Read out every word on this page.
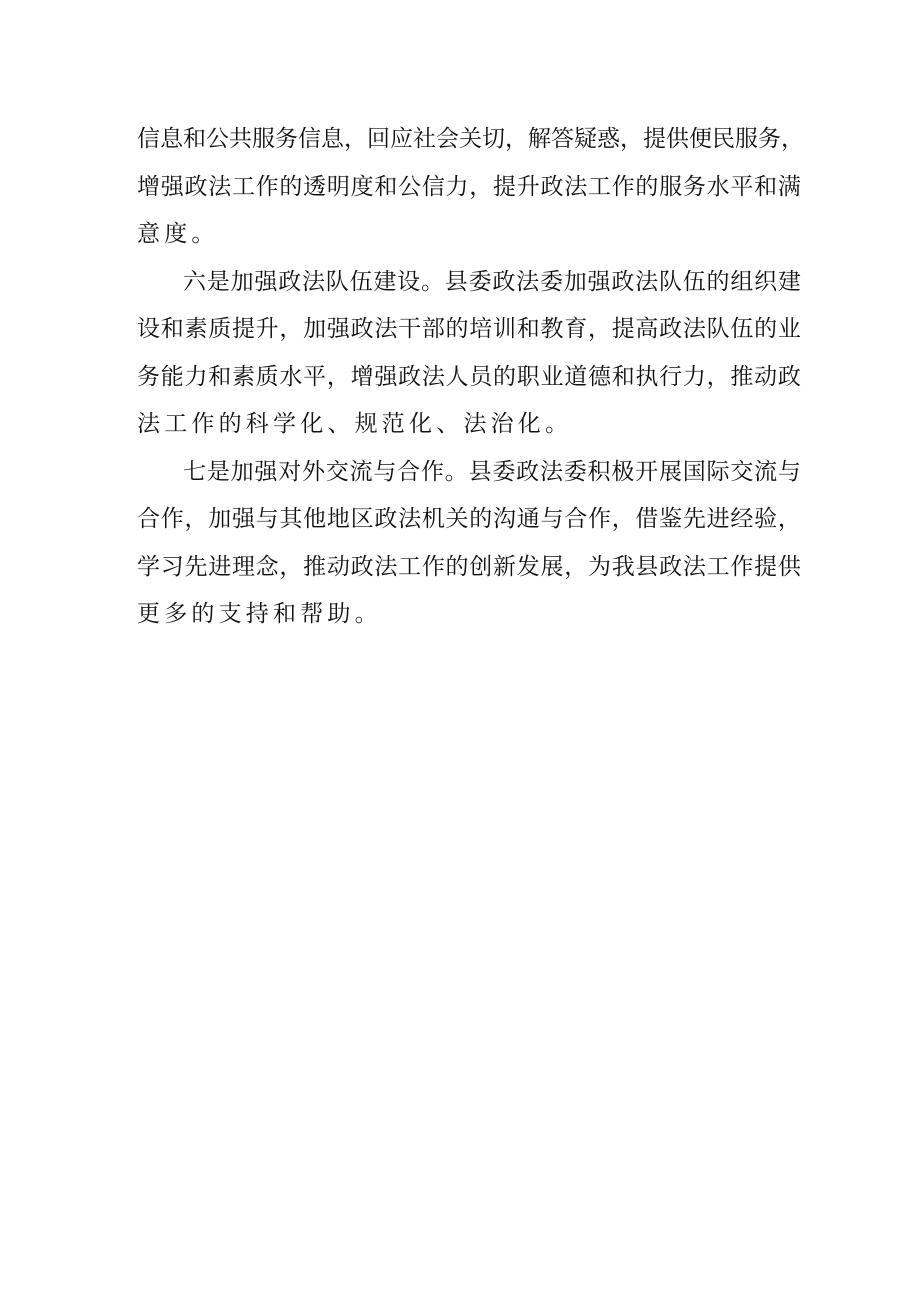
信 息 和 公 共 服 务 信 息 ， 回 应 社 会 关 切 ， 解 答 疑 惑 ， 提 供 便 民 服 务 ，
增 强 政 法 工 作 的 透 明 度 和 公 信 力 ， 提 升 政 法 工 作 的 服 务 水 平 和 满
意度。
六 是 加 强 政 法 队 伍 建 设 。 县 委 政 法 委 加 强 政 法 队 伍 的 组 织 建
设 和 素 质 提 升 ， 加 强 政 法 干 部 的 培 训 和 教 育 ， 提 高 政 法 队 伍 的 业
务 能 力 和 素 质 水 平 ， 增 强 政 法 人 员 的 职 业 道 德 和 执 行 力 ， 推 动 政
法工作的科学化、规范化、法治化。
七 是 加 强 对 外 交 流 与 合 作 。 县 委 政 法 委 积 极 开 展 国 际 交 流 与
合 作 ， 加 强 与 其 他 地 区 政 法 机 关 的 沟 通 与 合 作 ， 借 鉴 先 进 经 验 ，
学 习 先 进 理 念 ， 推 动 政 法 工 作 的 创 新 发 展 ， 为 我 县 政 法 工 作 提 供
更多的支持和帮助。
